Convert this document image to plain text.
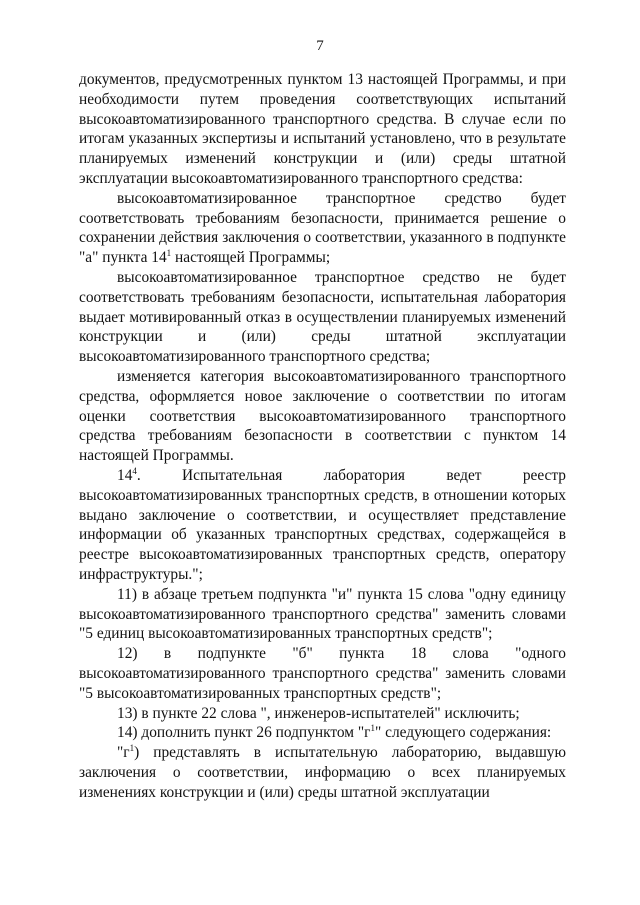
7

документов, предусмотренных пунктом 13 настоящей Программы, и при необходимости путем проведения соответствующих испытаний высокоавтоматизированного транспортного средства. В случае если по итогам указанных экспертизы и испытаний установлено, что в результате планируемых изменений конструкции и (или) среды штатной эксплуатации высокоавтоматизированного транспортного средства:

высокоавтоматизированное транспортное средство будет соответствовать требованиям безопасности, принимается решение о сохранении действия заключения о соответствии, указанного в подпункте "а" пункта $14^1$ настоящей Программы;

высокоавтоматизированное транспортное средство не будет соответствовать требованиям безопасности, испытательная лаборатория выдает мотивированный отказ в осуществлении планируемых изменений конструкции и (или) среды штатной эксплуатации высокоавтоматизированного транспортного средства;

изменяется категория высокоавтоматизированного транспортного средства, оформляется новое заключение о соответствии по итогам оценки соответствия высокоавтоматизированного транспортного средства требованиям безопасности в соответствии с пунктом 14 настоящей Программы.

$14^4$. Испытательная лаборатория ведет реестр высокоавтоматизированных транспортных средств, в отношении которых выдано заключение о соответствии, и осуществляет представление информации об указанных транспортных средствах, содержащейся в реестре высокоавтоматизированных транспортных средств, оператору инфраструктуры.";

11) в абзаце третьем подпункта "и" пункта 15 слова "одну единицу высокоавтоматизированного транспортного средства" заменить словами "5 единиц высокоавтоматизированных транспортных средств";

12) в подпункте "б" пункта 18 слова "одного высокоавтоматизированного транспортного средства" заменить словами "5 высокоавтоматизированных транспортных средств";

13) в пункте 22 слова ", инженеров-испытателей" исключить;

14) дополнить пункт 26 подпунктом "$г^1$" следующего содержания:

"$г^1$) представлять в испытательную лабораторию, выдавшую заключения о соответствии, информацию о всех планируемых изменениях конструкции и (или) среды штатной эксплуатации
